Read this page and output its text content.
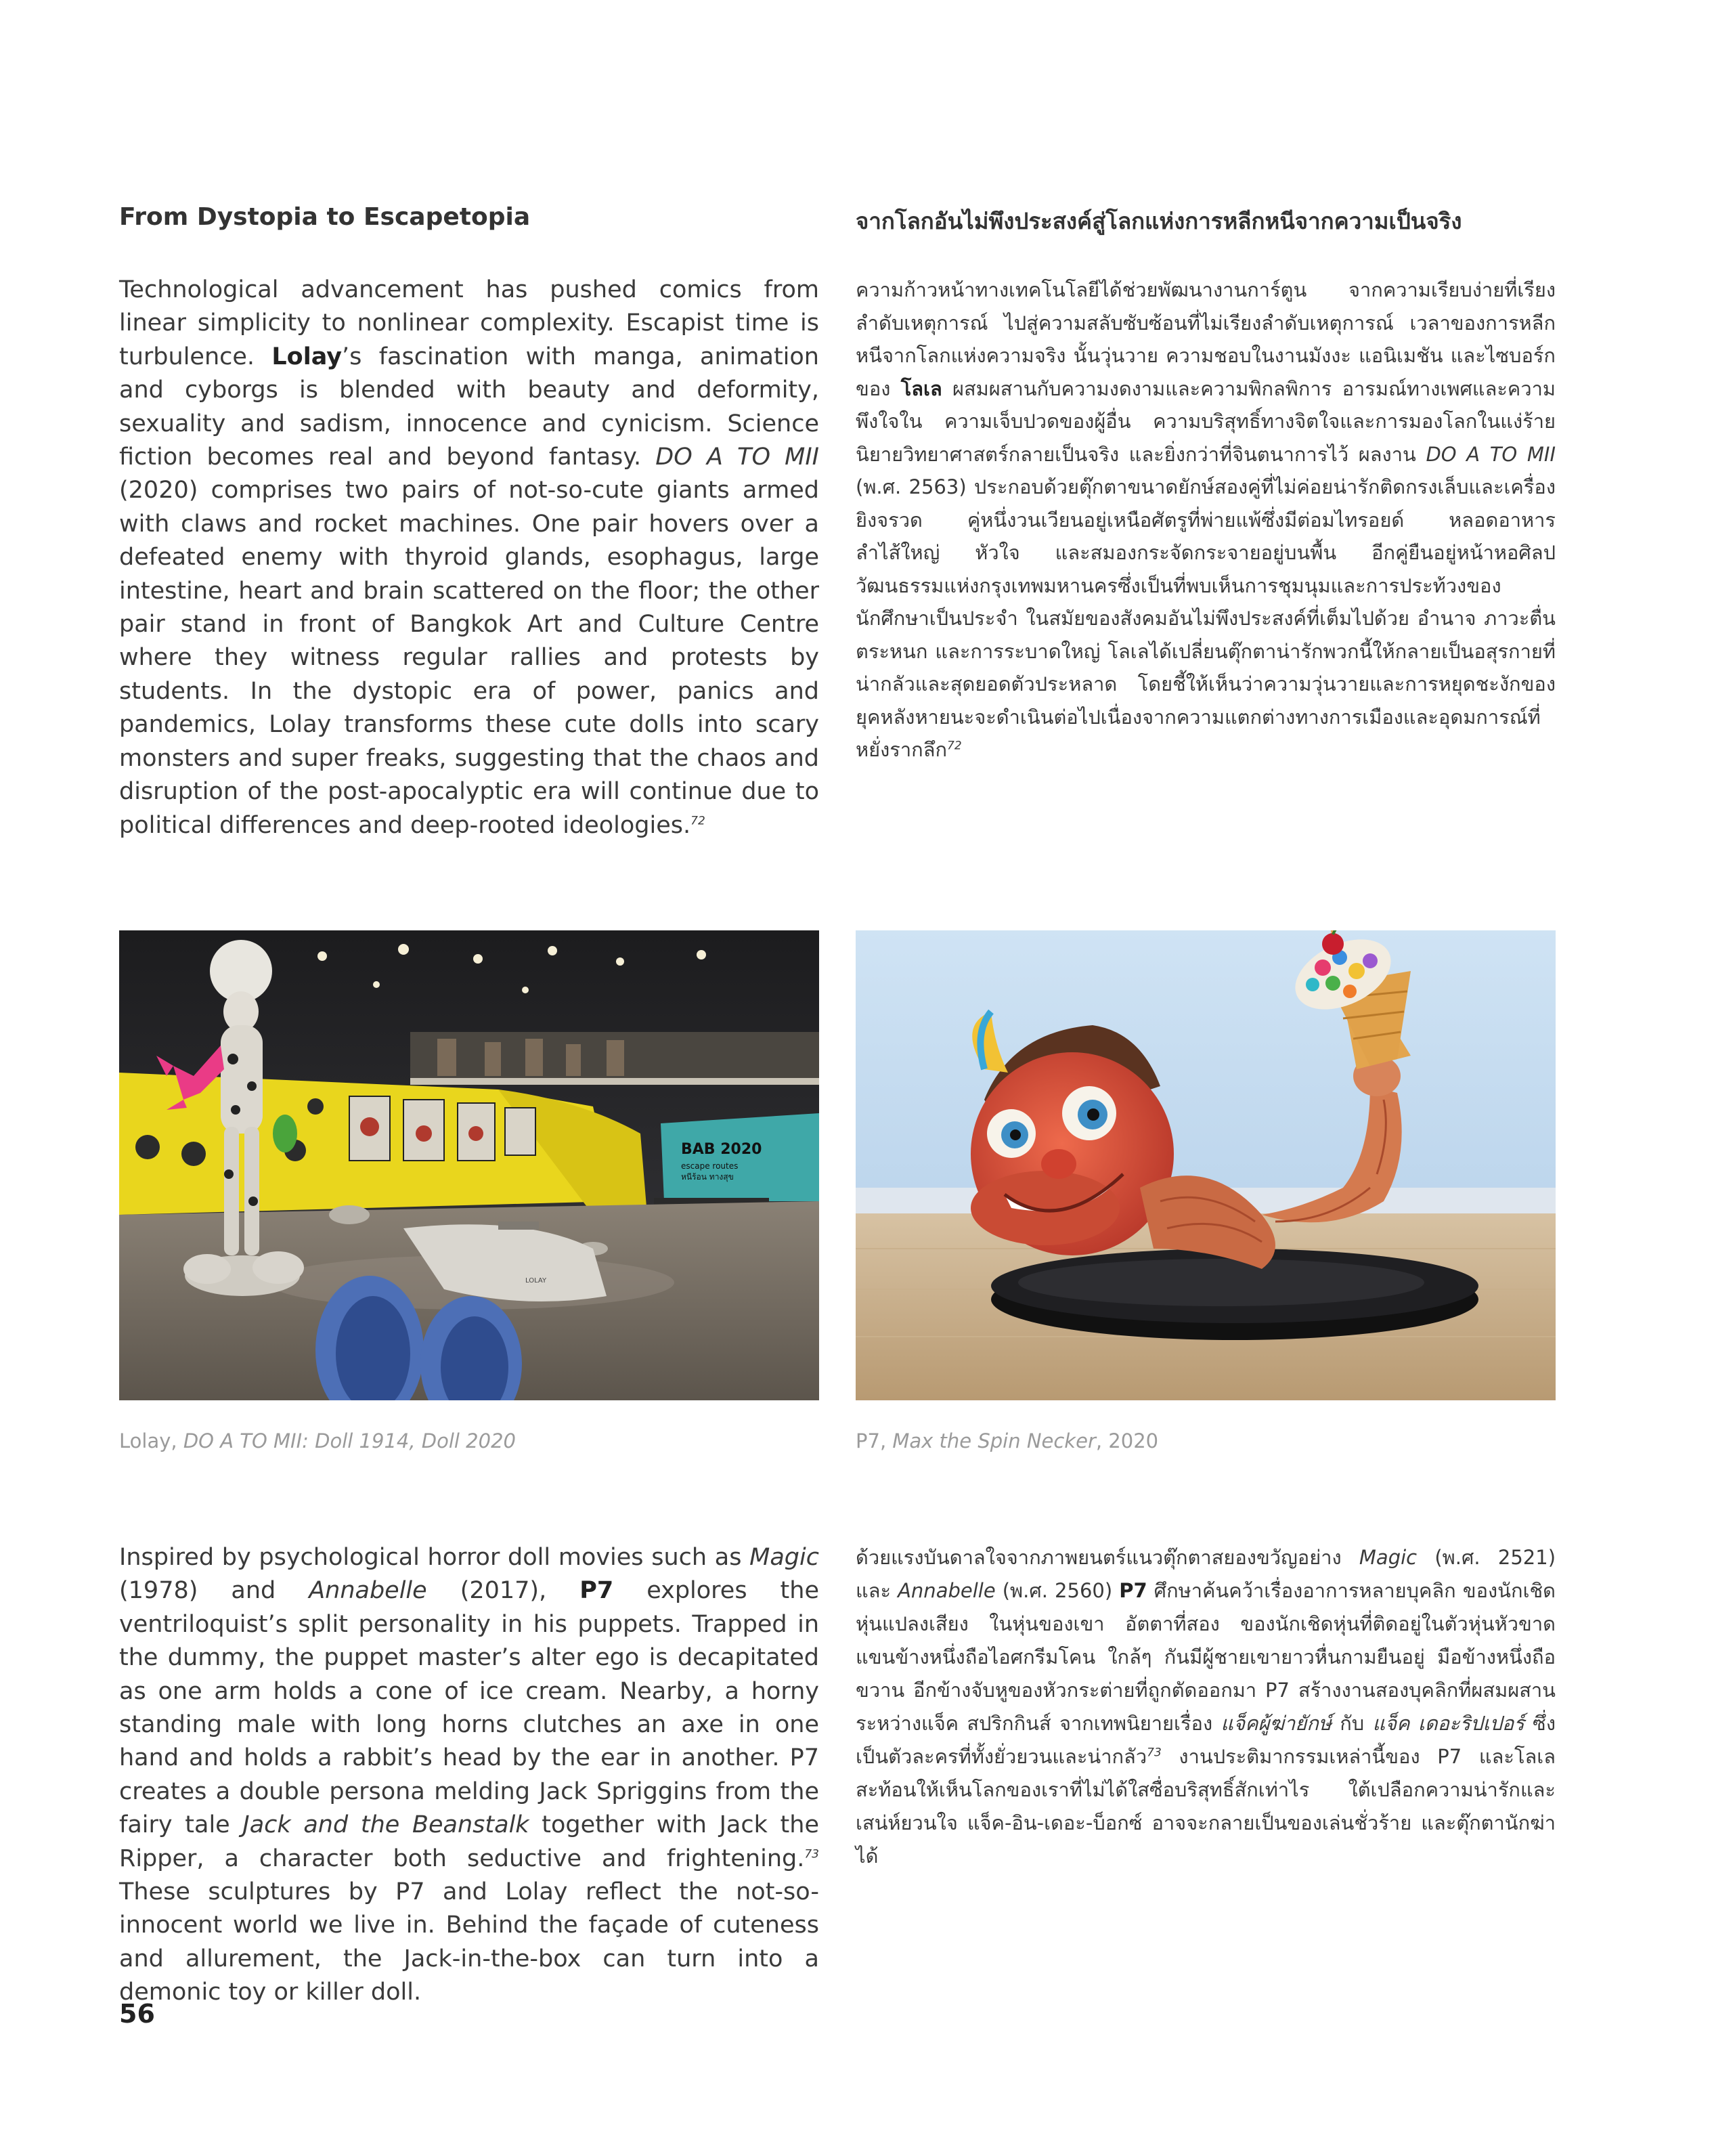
From Dystopia to Escapetopia	จากโลกอันไม่พึงประสงค์สู่โลกแห่งการหลีกหนีจากความเป็นจริง

Technological advancement has pushed comics from linear simplicity to nonlinear complexity. Escapist time is turbulence. Lolay’s fascination with manga, animation and cyborgs is blended with beauty and deformity, sexuality and sadism, innocence and cynicism. Science fiction becomes real and beyond fantasy. DO A TO MII (2020) comprises two pairs of not-so-cute giants armed with claws and rocket machines. One pair hovers over a defeated enemy with thyroid glands, esophagus, large intestine, heart and brain scattered on the floor; the other pair stand in front of Bangkok Art and Culture Centre where they witness regular rallies and protests by students. In the dystopic era of power, panics and pandemics, Lolay transforms these cute dolls into scary monsters and super freaks, suggesting that the chaos and disruption of the post-apocalyptic era will continue due to political differences and deep-rooted ideologies.$^{72}$

ความก้าวหน้าทางเทคโนโลยีได้ช่วยพัฒนางานการ์ตูน จากความเรียบง่ายที่เรียงลำดับเหตุการณ์ ไปสู่ความสลับซับซ้อนที่ไม่เรียงลำดับเหตุการณ์ เวลาของการหลีกหนีจากโลกแห่งความจริง นั้นวุ่นวาย ความชอบในงานมังงะ แอนิเมชัน และไซบอร์กของ โลเล ผสมผสานกับความงดงามและความพิกลพิการ อารมณ์ทางเพศและความพึงใจใน ความเจ็บปวดของผู้อื่น ความบริสุทธิ์ทางจิตใจและการมองโลกในแง่ร้าย นิยายวิทยาศาสตร์กลายเป็นจริง และยิ่งกว่าที่จินตนาการไว้ ผลงาน DO A TO MII (พ.ศ. 2563) ประกอบด้วยตุ๊กตาขนาดยักษ์สองคู่ที่ไม่ค่อยน่ารักติดกรงเล็บและเครื่องยิงจรวด คู่หนึ่งวนเวียนอยู่เหนือศัตรูที่พ่ายแพ้ซึ่งมีต่อมไทรอยด์ หลอดอาหาร ลำไส้ใหญ่ หัวใจ และสมองกระจัดกระจายอยู่บนพื้น อีกคู่ยืนอยู่หน้าหอศิลปวัฒนธรรมแห่งกรุงเทพมหานครซึ่งเป็นที่พบเห็นการชุมนุมและการประท้วงของนักศึกษาเป็นประจำ ในสมัยของสังคมอันไม่พึงประสงค์ที่เต็มไปด้วย อำนาจ ภาวะตื่นตระหนก และการระบาดใหญ่ โลเลได้เปลี่ยนตุ๊กตาน่ารักพวกนี้ให้กลายเป็นอสุรกายที่น่ากลัวและสุดยอดตัวประหลาด โดยชี้ให้เห็นว่าความวุ่นวายและการหยุดชะงักของยุคหลังหายนะจะดำเนินต่อไปเนื่องจากความแตกต่างทางการเมืองและอุดมการณ์ที่หยั่งรากลึก$^{72}$

BAB 2020
escape routes
หนีร้อน ทางสุข
LOLAY
Lolay, DO A TO MII: Doll 1914, Doll 2020	P7, Max the Spin Necker, 2020

Inspired by psychological horror doll movies such as Magic (1978) and Annabelle (2017), P7 explores the ventriloquist’s split personality in his puppets. Trapped in the dummy, the puppet master’s alter ego is decapitated as one arm holds a cone of ice cream. Nearby, a horny standing male with long horns clutches an axe in one hand and holds a rabbit’s head by the ear in another. P7 creates a double persona melding Jack Spriggins from the fairy tale Jack and the Beanstalk together with Jack the Ripper, a character both seductive and frightening.$^{73}$ These sculptures by P7 and Lolay reflect the not-so-innocent world we live in. Behind the façade of cuteness and allurement, the Jack-in-the-box can turn into a demonic toy or killer doll.

ด้วยแรงบันดาลใจจากภาพยนตร์แนวตุ๊กตาสยองขวัญอย่าง Magic (พ.ศ. 2521) และ Annabelle (พ.ศ. 2560) P7 ศึกษาค้นคว้าเรื่องอาการหลายบุคลิก ของนักเชิดหุ่นแปลงเสียง ในหุ่นของเขา อัตตาที่สอง ของนักเชิดหุ่นที่ติดอยู่ในตัวหุ่นหัวขาด แขนข้างหนึ่งถือไอศกรีมโคน ใกล้ๆ กันมีผู้ชายเขายาวหื่นกามยืนอยู่ มือข้างหนึ่งถือขวาน อีกข้างจับหูของหัวกระต่ายที่ถูกตัดออกมา P7 สร้างงานสองบุคลิกที่ผสมผสานระหว่างแจ็ค สปริกกินส์ จากเทพนิยายเรื่อง แจ็คผู้ฆ่ายักษ์ กับ แจ็ค เดอะริปเปอร์ ซึ่งเป็นตัวละครที่ทั้งยั่วยวนและน่ากลัว$^{73}$ งานประติมากรรมเหล่านี้ของ P7 และโลเล สะท้อนให้เห็นโลกของเราที่ไม่ได้ใสซื่อบริสุทธิ์สักเท่าไร ใต้เปลือกความน่ารักและเสน่ห์ยวนใจ แจ็ค-อิน-เดอะ-บ็อกซ์ อาจจะกลายเป็นของเล่นชั่วร้าย และตุ๊กตานักฆ่าได้

56
